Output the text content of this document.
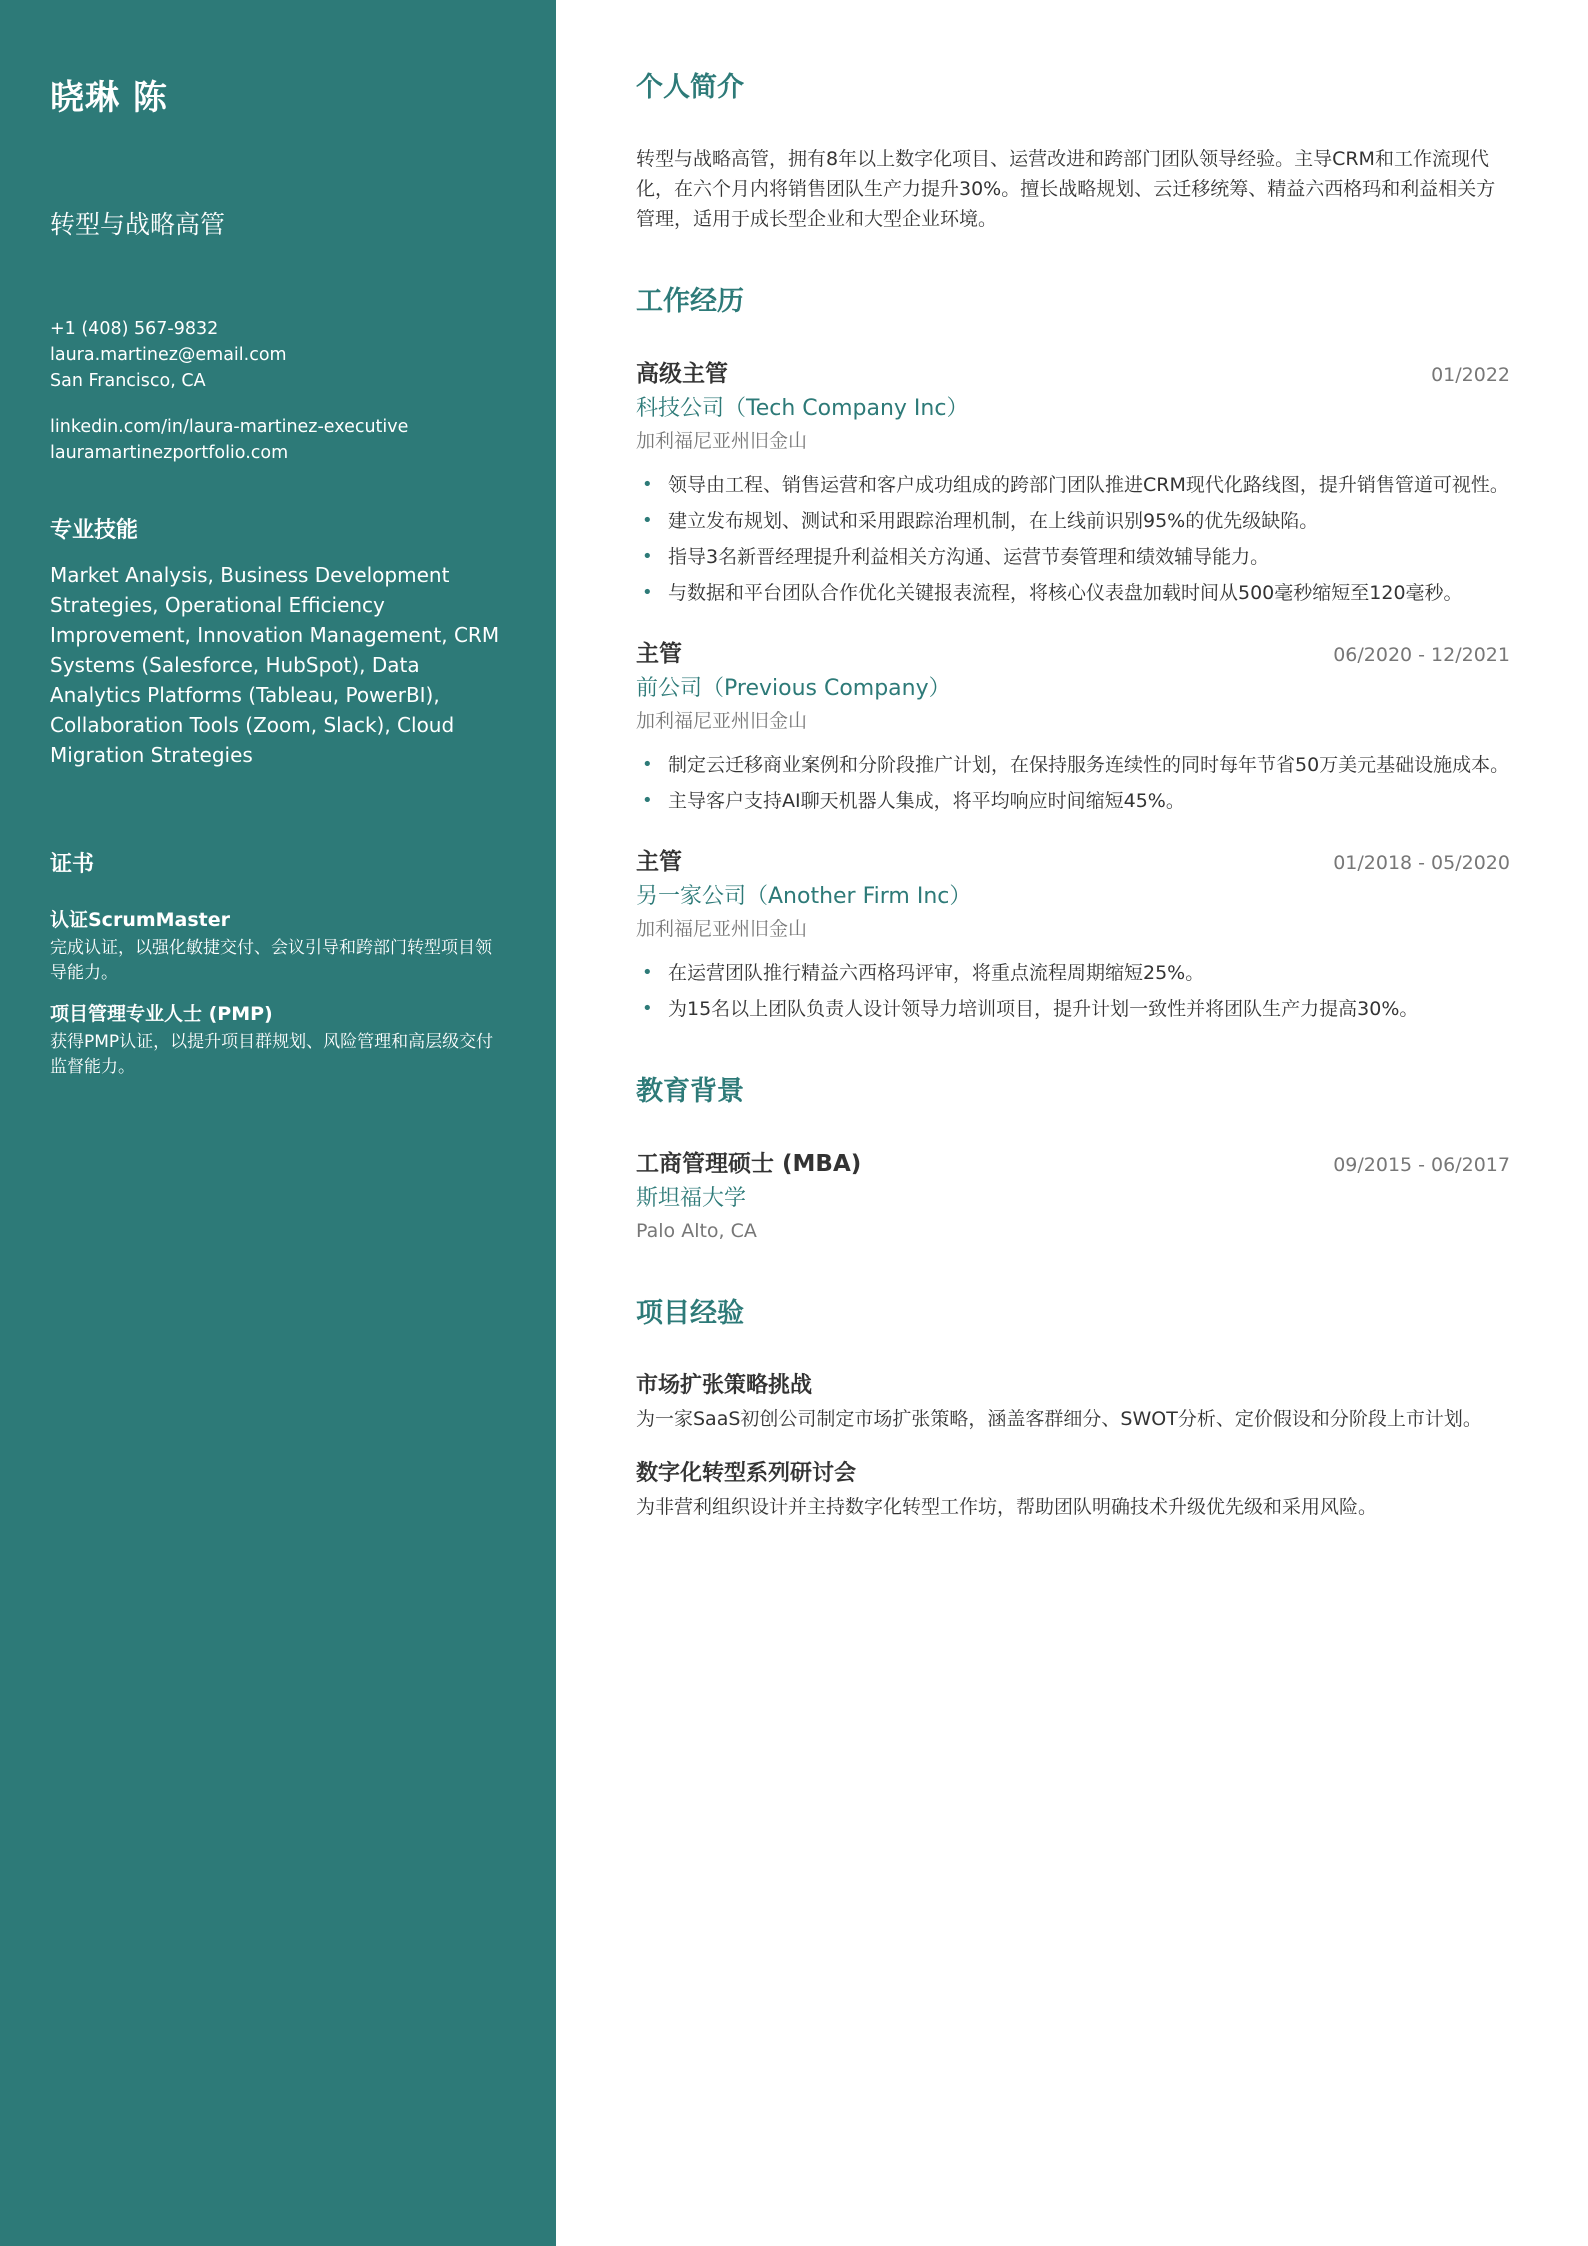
晓琳 陈
转型与战略高管
+1 (408) 567-9832
laura.martinez@email.com
San Francisco, CA
linkedin.com/in/laura-martinez-executive
lauramartinezportfolio.com
专业技能
Market Analysis, Business Development Strategies, Operational Efficiency Improvement, Innovation Management, CRM Systems (Salesforce, HubSpot), Data Analytics Platforms (Tableau, PowerBI), Collaboration Tools (Zoom, Slack), Cloud Migration Strategies
证书
认证ScrumMaster
完成认证，以强化敏捷交付、会议引导和跨部门转型项目领导能力。
项目管理专业人士 (PMP)
获得PMP认证，以提升项目群规划、风险管理和高层级交付监督能力。
个人简介
转型与战略高管，拥有8年以上数字化项目、运营改进和跨部门团队领导经验。主导CRM和工作流现代化，在六个月内将销售团队生产力提升30%。擅长战略规划、云迁移统筹、精益六西格玛和利益相关方管理，适用于成长型企业和大型企业环境。
工作经历
高级主管	01/2022
科技公司（Tech Company Inc）
加利福尼亚州旧金山
• 领导由工程、销售运营和客户成功组成的跨部门团队推进CRM现代化路线图，提升销售管道可视性。
• 建立发布规划、测试和采用跟踪治理机制，在上线前识别95%的优先级缺陷。
• 指导3名新晋经理提升利益相关方沟通、运营节奏管理和绩效辅导能力。
• 与数据和平台团队合作优化关键报表流程，将核心仪表盘加载时间从500毫秒缩短至120毫秒。
主管	06/2020 - 12/2021
前公司（Previous Company）
加利福尼亚州旧金山
• 制定云迁移商业案例和分阶段推广计划，在保持服务连续性的同时每年节省50万美元基础设施成本。
• 主导客户支持AI聊天机器人集成，将平均响应时间缩短45%。
主管	01/2018 - 05/2020
另一家公司（Another Firm Inc）
加利福尼亚州旧金山
• 在运营团队推行精益六西格玛评审，将重点流程周期缩短25%。
• 为15名以上团队负责人设计领导力培训项目，提升计划一致性并将团队生产力提高30%。
教育背景
工商管理硕士 (MBA)	09/2015 - 06/2017
斯坦福大学
Palo Alto, CA
项目经验
市场扩张策略挑战
为一家SaaS初创公司制定市场扩张策略，涵盖客群细分、SWOT分析、定价假设和分阶段上市计划。
数字化转型系列研讨会
为非营利组织设计并主持数字化转型工作坊，帮助团队明确技术升级优先级和采用风险。
